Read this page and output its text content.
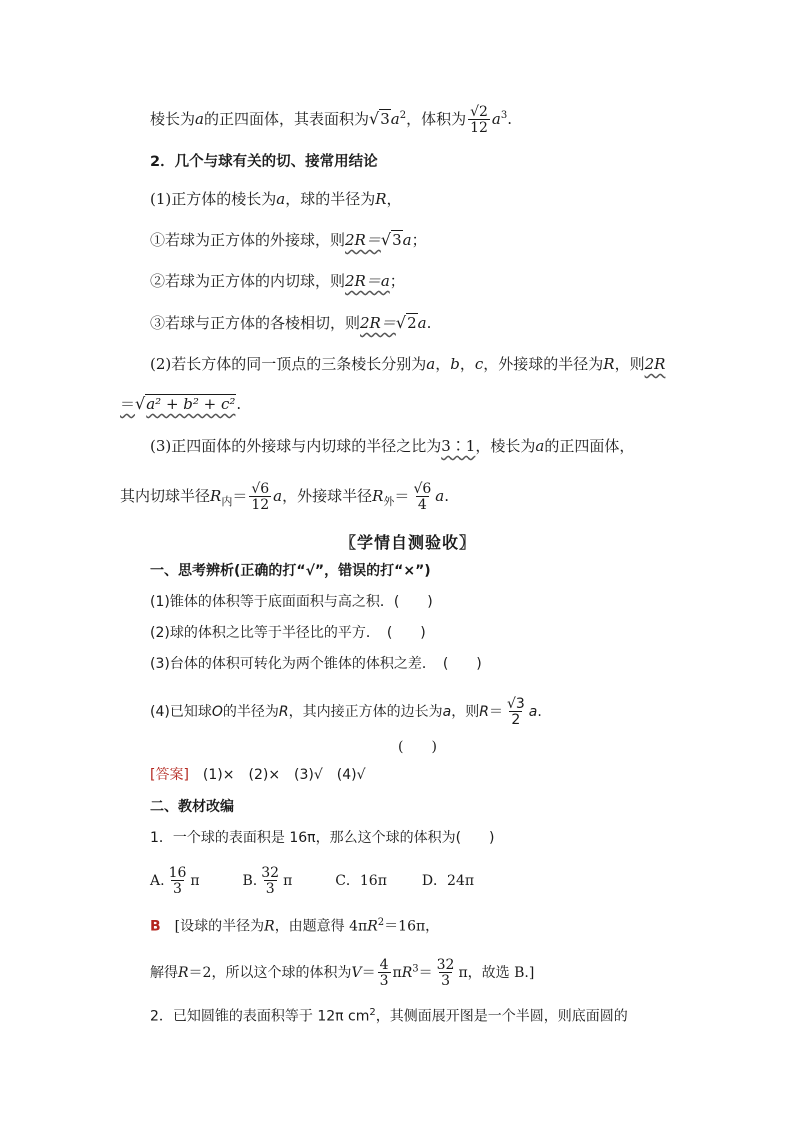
棱长为a的正四面体，其表面积为$√3a^2$，体积为 $\frac{√2}{12} a^3$.
2．几个与球有关的切、接常用结论
(1)正方体的棱长为a，球的半径为R，
①若球为正方体的外接球，则2R＝√3a；
②若球为正方体的内切球，则2R＝a；
③若球与正方体的各棱相切，则2R＝√2a.
(2)若长方体的同一顶点的三条棱长分别为a，b，c，外接球的半径为R，则2R
＝√a² + b² + c².
(3)正四面体的外接球与内切球的半径之比为3∶1，棱长为a的正四面体，
其内切球半径$R_内= \frac{√6}{12}$ a，外接球半径$R_外= \frac{√6}{4} a$.
〖学情自测验收〗
一、思考辨析(正确的打“√”，错误的打“×”)
(1)锥体的体积等于底面面积与高之积．(　　)
(2)球的体积之比等于半径比的平方．　(　　)
(3)台体的体积可转化为两个锥体的体积之差．　(　　)
(4)已知球O的半径为R，其内接正方体的边长为a，则$R= \frac{√3}{2} a$.
(　　)
[答案]　(1)×　(2)×　(3)√　(4)√
二、教材改编
1．一个球的表面积是 16π，那么这个球的体积为(　　)
A. $\frac{16}{3}$ π	B. $\frac{32}{3}$ π	C．16π D．24π
B　[设球的半径为R，由题意得 $4\pi R^2=16\pi$，
解得R＝2，所以这个球的体积为$V= \frac{4}{3} \pi R^3= \frac{32}{3}$ π，故选 B.]
2．已知圆锥的表面积等于 12π $cm^2$，其侧面展开图是一个半圆，则底面圆的
